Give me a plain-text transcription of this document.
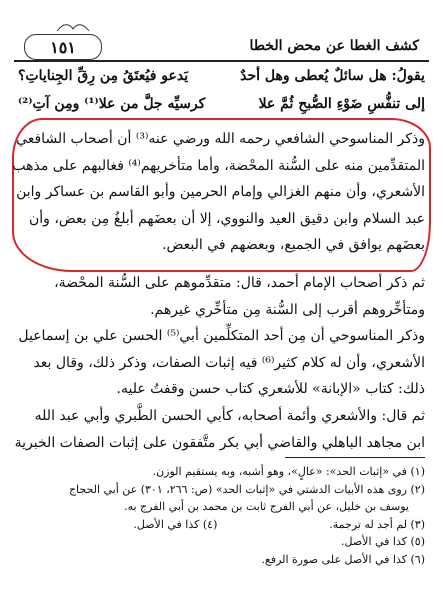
كشف الغطا عن محض الخطا
١٥١
يقولُ: هل سائلٌ يُعطى وهل أحدٌ
يَدعو فيُعتَقُ مِن رِقِّ الجِناياتِ؟
إلى تنفُّسِ ضَوْءِ الصُّبحِ ثُمَّ علا
كرسيِّه جلَّ من علا⁽¹⁾ ومِن آتِ⁽²⁾
وذكر المناسوحي الشافعي رحمه الله ورضي عنه⁽³⁾ أن أصحاب الشافعي
المتقدِّمين منه على السُّنة المحْضة، وأما متأخريهم⁽⁴⁾ فغالبهم على مذهب
الأشعري، وأن منهم الغزالي وإمام الحرمين وأبو القاسم بن عساكر وابن
عبد السلام وابن دقيق العيد والنووي، إلا أن بعضَهم أبلغُ مِن بعض، وأن
بعضَهم يوافق في الجميع، وبعضهم في البعض.
ثم ذكر أصحاب الإمام أحمد، قال: متقدِّموهم على السُّنة المحْضة،
ومتأخِّروهم أقرب إلى السُّنة مِن متأخِّري غيرهم.
وذكر المناسوحي أن مِن أحد المتكلِّمين أبي⁽⁵⁾ الحسن علي بن إسماعيل
الأشعري، وأن له كلام كثير⁽⁶⁾ فيه إثبات الصفات، وذكر ذلك، وقال بعد
ذلك: كتاب «الإبانة» للأشعري كتاب حسن وقفتُ عليه.
ثم قال: والأشعري وأئمة أصحابه، كأبي الحسن الطَّبري وأبي عبد الله
ابن مجاهد الباهلي والقاضي أبي بكر متَّفقون على إثبات الصفات الخبرية
(١) في «إثبات الحد»: «عالٍ»، وهو أشبه، وبه يستقيم الوزن.
(٢) روى هذه الأبيات الدشتي في «إثبات الحد» (ص: ٢٦٦، ٣٠١) عن أبي الحجاج
يوسف بن خليل، عن أبي الفرج ثابت بن محمد بن أبي الفرج به.
(٣) لم أجد له ترجمة.                                (٤) كذا في الأصل.
(٥) كذا في الأصل.
(٦) كذا في الأصل على صورة الرفع.
